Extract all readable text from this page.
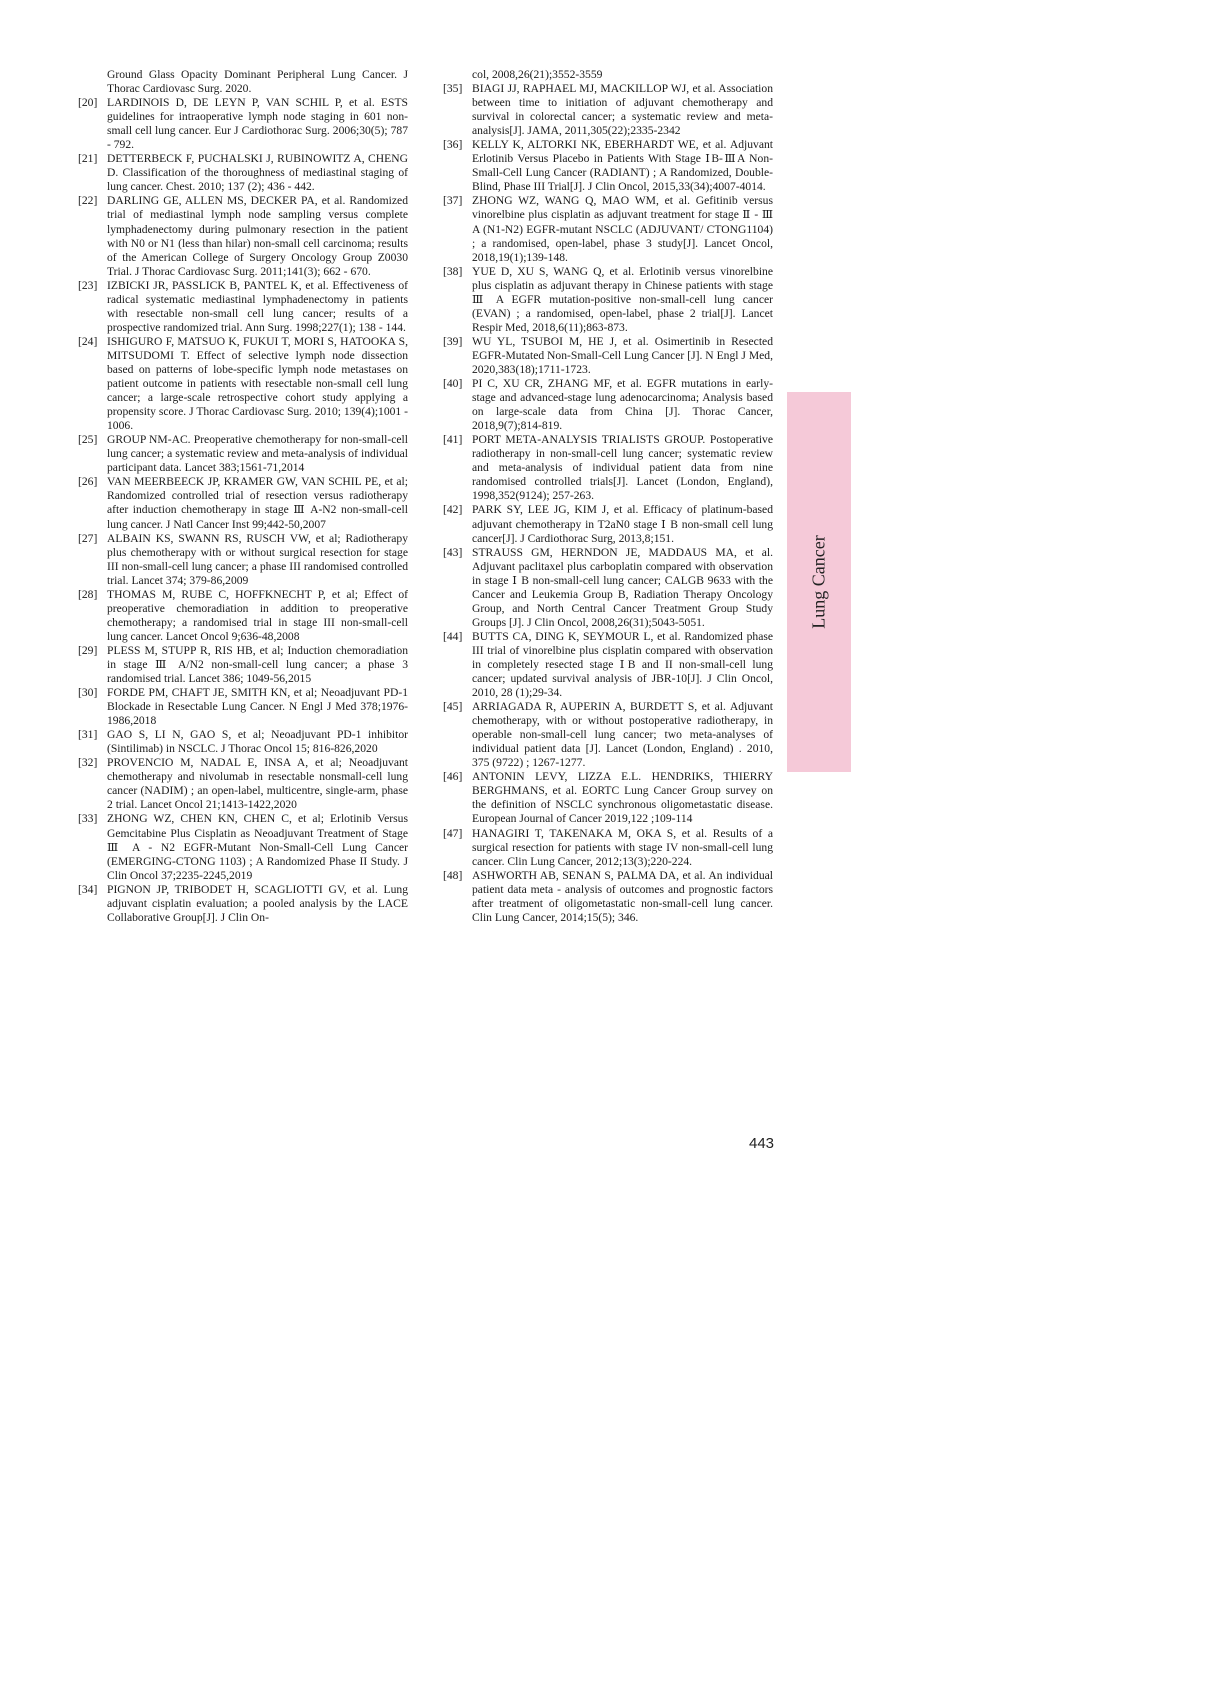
Ground Glass Opacity Dominant Peripheral Lung Cancer. J Thorac Cardiovasc Surg. 2020.

[20] LARDINOIS D, DE LEYN P, VAN SCHIL P, et al. ESTS guidelines for intraoperative lymph node staging in 601 non-small cell lung cancer. Eur J Cardiothorac Surg. 2006;30(5); 787 - 792.

[21] DETTERBECK F, PUCHALSKI J, RUBINOWITZ A, CHENG D. Classification of the thoroughness of mediastinal staging of lung cancer. Chest. 2010; 137 (2); 436 - 442.

[22] DARLING GE, ALLEN MS, DECKER PA, et al. Randomized trial of mediastinal lymph node sampling versus complete lymphadenectomy during pulmonary resection in the patient with N0 or N1 (less than hilar) non-small cell carcinoma; results of the American College of Surgery Oncology Group Z0030 Trial. J Thorac Cardiovasc Surg. 2011;141(3); 662 - 670.

[23] IZBICKI JR, PASSLICK B, PANTEL K, et al. Effectiveness of radical systematic mediastinal lymphadenectomy in patients with resectable non-small cell lung cancer; results of a prospective randomized trial. Ann Surg. 1998;227(1); 138 - 144.

[24] ISHIGURO F, MATSUO K, FUKUI T, MORI S, HATOOKA S, MITSUDOMI T. Effect of selective lymph node dissection based on patterns of lobe-specific lymph node metastases on patient outcome in patients with resectable non-small cell lung cancer; a large-scale retrospective cohort study applying a propensity score. J Thorac Cardiovasc Surg. 2010; 139(4);1001 - 1006.

[25] GROUP NM-AC. Preoperative chemotherapy for non-small-cell lung cancer; a systematic review and meta-analysis of individual participant data. Lancet 383;1561-71,2014

[26] VAN MEERBEECK JP, KRAMER GW, VAN SCHIL PE, et al; Randomized controlled trial of resection versus radiotherapy after induction chemotherapy in stage Ⅲ A-N2 non-small-cell lung cancer. J Natl Cancer Inst 99;442-50,2007

[27] ALBAIN KS, SWANN RS, RUSCH VW, et al; Radiotherapy plus chemotherapy with or without surgical resection for stage III non-small-cell lung cancer; a phase III randomised controlled trial. Lancet 374; 379-86,2009

[28] THOMAS M, RUBE C, HOFFKNECHT P, et al; Effect of preoperative chemoradiation in addition to preoperative chemotherapy; a randomised trial in stage III non-small-cell lung cancer. Lancet Oncol 9;636-48,2008

[29] PLESS M, STUPP R, RIS HB, et al; Induction chemoradiation in stage Ⅲ A/N2 non-small-cell lung cancer; a phase 3 randomised trial. Lancet 386; 1049-56,2015

[30] FORDE PM, CHAFT JE, SMITH KN, et al; Neoadjuvant PD-1 Blockade in Resectable Lung Cancer. N Engl J Med 378;1976-1986,2018

[31] GAO S, LI N, GAO S, et al; Neoadjuvant PD-1 inhibitor (Sintilimab) in NSCLC. J Thorac Oncol 15; 816-826,2020

[32] PROVENCIO M, NADAL E, INSA A, et al; Neoadjuvant chemotherapy and nivolumab in resectable nonsmall-cell lung cancer (NADIM) ; an open-label, multicentre, single-arm, phase 2 trial. Lancet Oncol 21;1413-1422,2020

[33] ZHONG WZ, CHEN KN, CHEN C, et al; Erlotinib Versus Gemcitabine Plus Cisplatin as Neoadjuvant Treatment of Stage Ⅲ A - N2 EGFR-Mutant Non-Small-Cell Lung Cancer (EMERGING-CTONG 1103) ; A Randomized Phase II Study. J Clin Oncol 37;2235-2245,2019

[34] PIGNON JP, TRIBODET H, SCAGLIOTTI GV, et al. Lung adjuvant cisplatin evaluation; a pooled analysis by the LACE Collaborative Group[J]. J Clin On-

col, 2008,26(21);3552-3559

[35] BIAGI JJ, RAPHAEL MJ, MACKILLOP WJ, et al. Association between time to initiation of adjuvant chemotherapy and survival in colorectal cancer; a systematic review and meta-analysis[J]. JAMA, 2011,305(22);2335-2342

[36] KELLY K, ALTORKI NK, EBERHARDT WE, et al. Adjuvant Erlotinib Versus Placebo in Patients With Stage ⅠB-ⅢA Non-Small-Cell Lung Cancer (RADIANT) ; A Randomized, Double-Blind, Phase III Trial[J]. J Clin Oncol, 2015,33(34);4007-4014.

[37] ZHONG WZ, WANG Q, MAO WM, et al. Gefitinib versus vinorelbine plus cisplatin as adjuvant treatment for stage Ⅱ - Ⅲ A (N1-N2) EGFR-mutant NSCLC (ADJUVANT/ CTONG1104) ; a randomised, open-label, phase 3 study[J]. Lancet Oncol, 2018,19(1);139-148.

[38] YUE D, XU S, WANG Q, et al. Erlotinib versus vinorelbine plus cisplatin as adjuvant therapy in Chinese patients with stage Ⅲ A EGFR mutation-positive non-small-cell lung cancer (EVAN) ; a randomised, open-label, phase 2 trial[J]. Lancet Respir Med, 2018,6(11);863-873.

[39] WU YL, TSUBOI M, HE J, et al. Osimertinib in Resected EGFR-Mutated Non-Small-Cell Lung Cancer [J]. N Engl J Med, 2020,383(18);1711-1723.

[40] PI C, XU CR, ZHANG MF, et al. EGFR mutations in early-stage and advanced-stage lung adenocarcinoma; Analysis based on large-scale data from China [J]. Thorac Cancer, 2018,9(7);814-819.

[41] PORT META-ANALYSIS TRIALISTS GROUP. Postoperative radiotherapy in non-small-cell lung cancer; systematic review and meta-analysis of individual patient data from nine randomised controlled trials[J]. Lancet (London, England), 1998,352(9124); 257-263.

[42] PARK SY, LEE JG, KIM J, et al. Efficacy of platinum-based adjuvant chemotherapy in T2aN0 stage Ⅰ B non-small cell lung cancer[J]. J Cardiothorac Surg, 2013,8;151.

[43] STRAUSS GM, HERNDON JE, MADDAUS MA, et al. Adjuvant paclitaxel plus carboplatin compared with observation in stage Ⅰ B non-small-cell lung cancer; CALGB 9633 with the Cancer and Leukemia Group B, Radiation Therapy Oncology Group, and North Central Cancer Treatment Group Study Groups [J]. J Clin Oncol, 2008,26(31);5043-5051.

[44] BUTTS CA, DING K, SEYMOUR L, et al. Randomized phase III trial of vinorelbine plus cisplatin compared with observation in completely resected stage ⅠB and II non-small-cell lung cancer; updated survival analysis of JBR-10[J]. J Clin Oncol, 2010, 28 (1);29-34.

[45] ARRIAGADA R, AUPERIN A, BURDETT S, et al. Adjuvant chemotherapy, with or without postoperative radiotherapy, in operable non-small-cell lung cancer; two meta-analyses of individual patient data [J]. Lancet (London, England) . 2010, 375 (9722) ; 1267-1277.

[46] ANTONIN LEVY, LIZZA E.L. HENDRIKS, THIERRY BERGHMANS, et al. EORTC Lung Cancer Group survey on the definition of NSCLC synchronous oligometastatic disease. European Journal of Cancer 2019,122 ;109-114

[47] HANAGIRI T, TAKENAKA M, OKA S, et al. Results of a surgical resection for patients with stage IV non-small-cell lung cancer. Clin Lung Cancer, 2012;13(3);220-224.

[48] ASHWORTH AB, SENAN S, PALMA DA, et al. An individual patient data meta - analysis of outcomes and prognostic factors after treatment of oligometastatic non-small-cell lung cancer. Clin Lung Cancer, 2014;15(5); 346.

Lung Cancer
443
